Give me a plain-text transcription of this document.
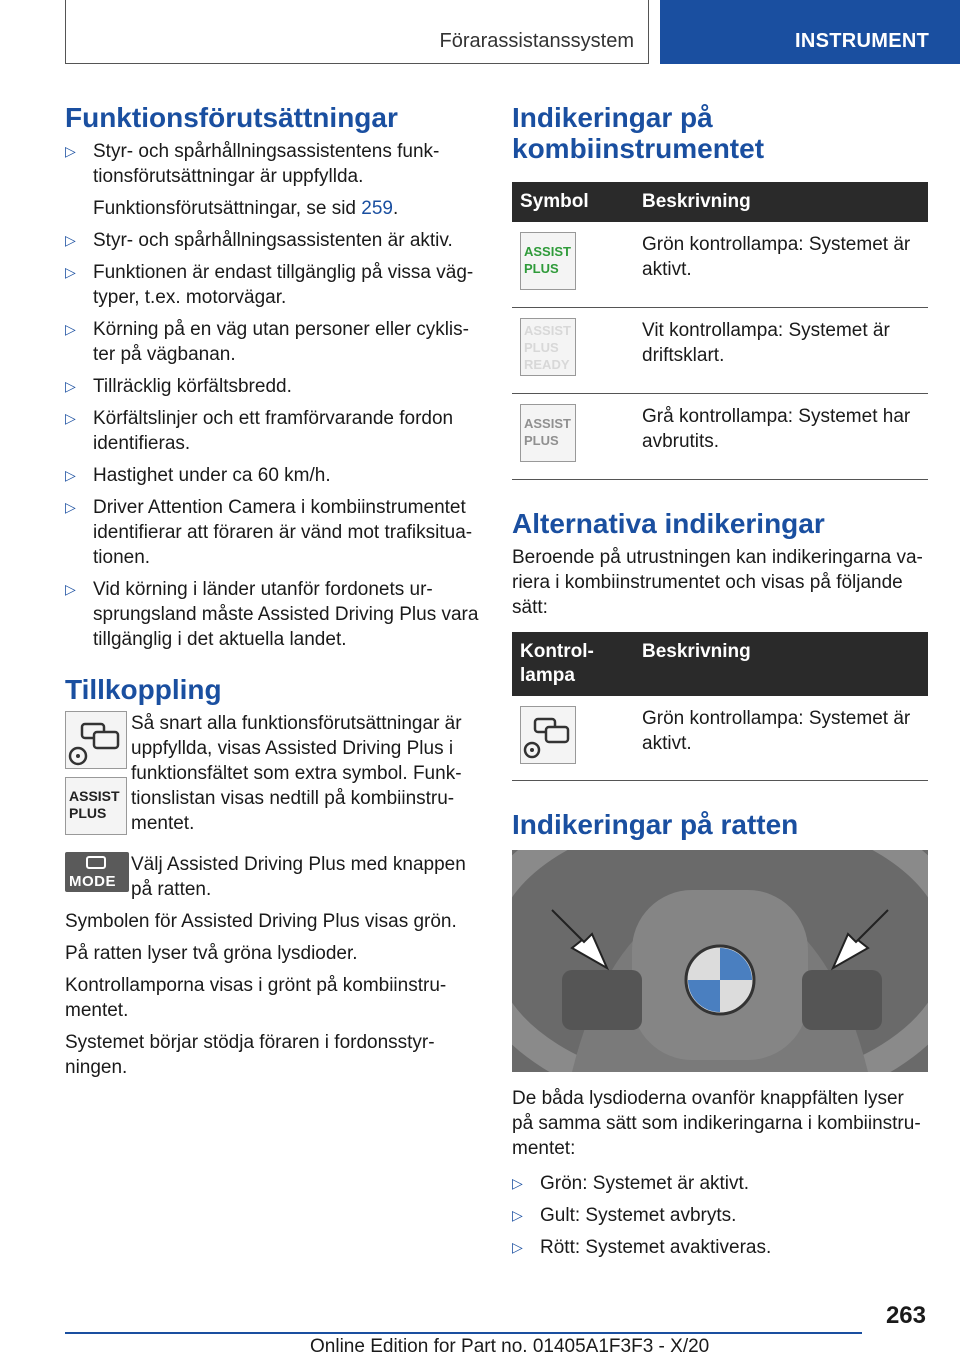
Förarassistanssystem	INSTRUMENT
Funktionsförutsättningar
▷ Styr- och spårhållningsassistentens funk-tionsförutsättningar är uppfyllda.
Funktionsförutsättningar, se sid 259.
▷ Styr- och spårhållningsassistenten är aktiv.
▷ Funktionen är endast tillgänglig på vissa väg-typer, t.ex. motorvägar.
▷ Körning på en väg utan personer eller cyklis-ter på vägbanan.
▷ Tillräcklig körfältsbredd.
▷ Körfältslinjer och ett framförvarande fordon identifieras.
▷ Hastighet under ca 60 km/h.
▷ Driver Attention Camera i kombiinstrumentet identifierar att föraren är vänd mot trafiksitua-tionen.
▷ Vid körning i länder utanför fordonets ur-sprungsland måste Assisted Driving Plus vara tillgänglig i det aktuella landet.
Tillkoppling
ASSIST PLUS

Så snart alla funktionsförutsättningar är uppfyllda, visas Assisted Driving Plus i funktionsfältet som extra symbol. Funk-tionslistan visas nedtill på kombiinstru-mentet.

MODE

Välj Assisted Driving Plus med knappen på ratten.

Symbolen för Assisted Driving Plus visas grön.

På ratten lyser två gröna lysdioder.

Kontrollamporna visas i grönt på kombiinstru-mentet.

Systemet börjar stödja föraren i fordonsstyr-ningen.

Indikeringar på kombiinstrumentet
Symbol	Beskrivning

ASSIST PLUS	Grön kontrollampa: Systemet är aktivt.

ASSIST PLUS READY	Vit kontrollampa: Systemet är driftsklart.

ASSIST PLUS	Grå kontrollampa: Systemet har avbrutits.
Alternativa indikeringar

Beroende på utrustningen kan indikeringarna va-riera i kombiinstrumentet och visas på följande sätt:

Kontrol-lampa	Beskrivning
	Grön kontrollampa: Systemet är aktivt.
Indikeringar på ratten

De båda lysdioderna ovanför knappfälten lyser på samma sätt som indikeringarna i kombiinstru-mentet:

▷ Grön: Systemet är aktivt.
▷ Gult: Systemet avbryts.
▷ Rött: Systemet avaktiveras.
263
Online Edition for Part no. 01405A1F3F3 - X/20
